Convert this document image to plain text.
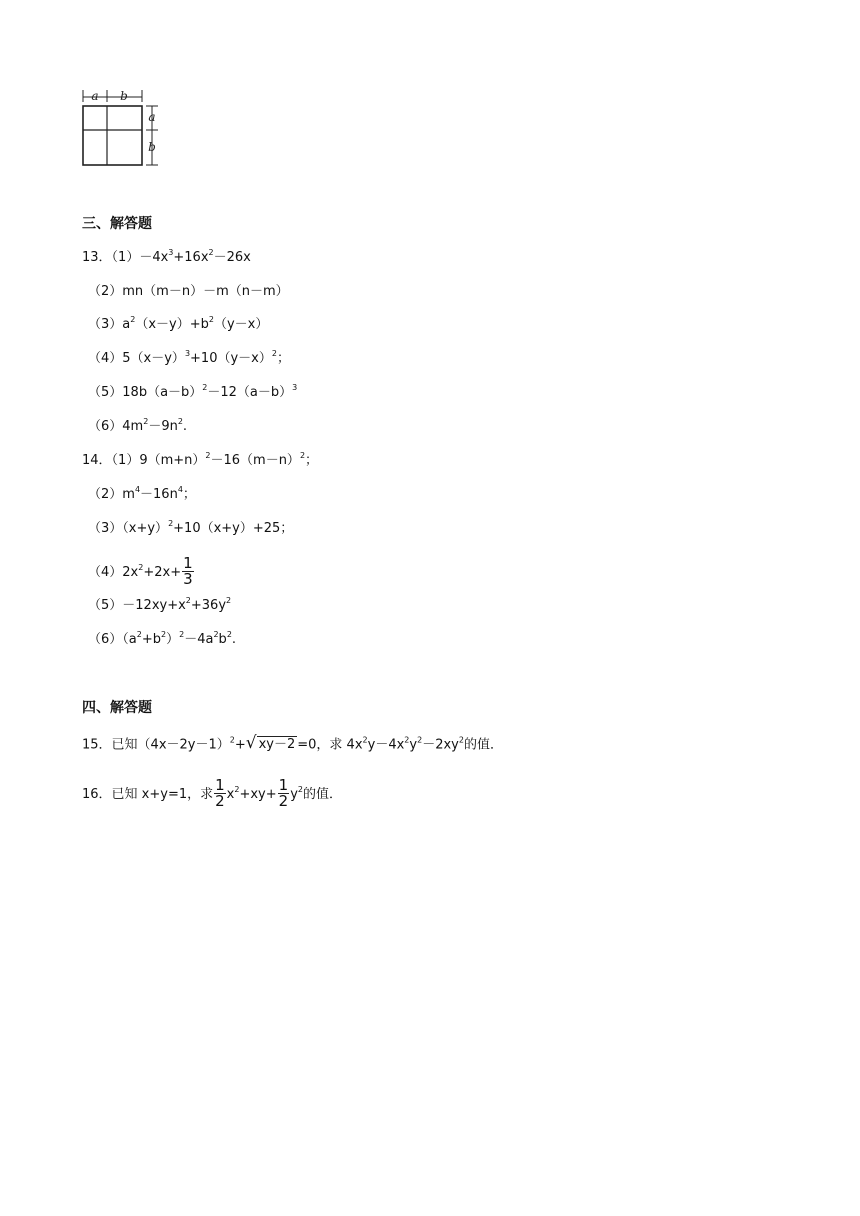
a b
a
b
三、解答题
13．$(1)-4x^3+16x^2-26x$
（2）mn（m－n）－m（n－m）
$(3)a^2(x-y)+b^2(y-x)$
$(4)5(x-y)^3+10(y-x)^2$；
$(5)18b(a-b)^2-12(a-b)^3$
$(6)4m^2-9n^2$.
14．$(1)9(m+n)^2-16(m-n)^2$；
$(2)m^4-16n^4$；
$(3)(x+y)^2+10(x+y)+25$；
$(4)2x^2+2x+ \frac{1}{3}$
$(5)-12xy+x^2+36y^2$
$(6)(a^2+b^2)^2-4a^2b^2$.
四、解答题
15．已知$(4x-2y-1)^2+√$ xy－2 =0，求 $4x^2y-4x^2y^2-2xy^2$的值．
16．已知 x+y=1，求 $\frac{1}{2} x^2+xy+ \frac{1}{2} y^2$的值．
